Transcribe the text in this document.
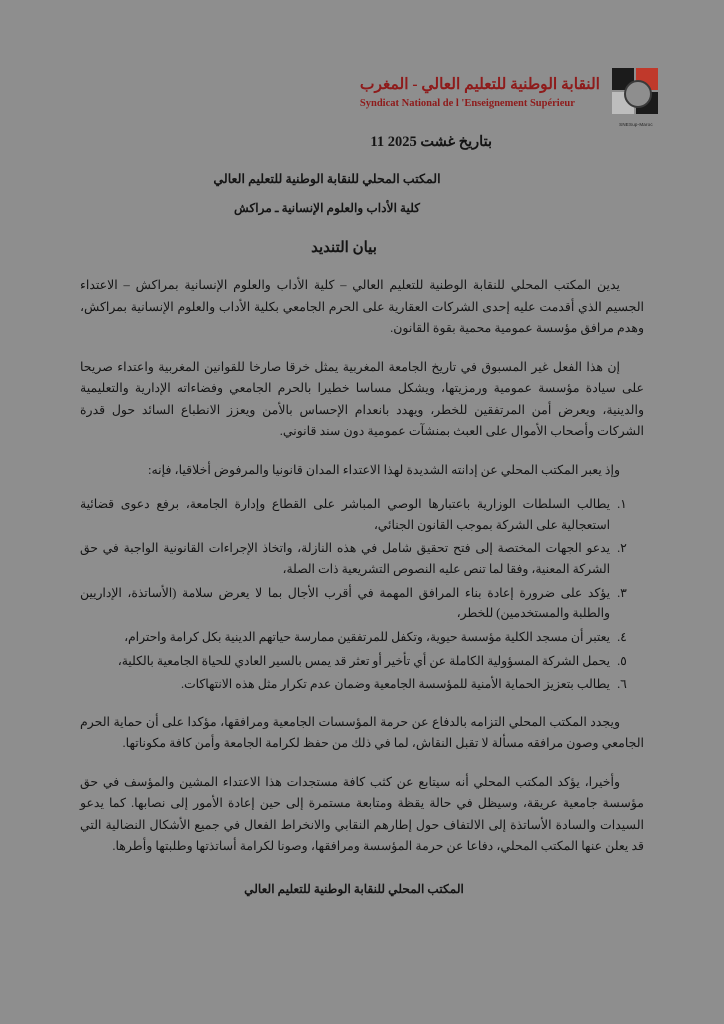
SNESup-Maroc
النقابة الوطنية للتعليم العالي - المغرب
Syndicat National de l 'Enseignement Supérieur
بتاريخ 11 غشت 2025
المكتب المحلي للنقابة الوطنية للتعليم العالي
كلية الأداب والعلوم الإنسانية ـ مراكش
بيان التنديد

يدين المكتب المحلي للنقابة الوطنية للتعليم العالي – كلية الأداب والعلوم الإنسانية بمراكش – الاعتداء الجسيم الذي أقدمت عليه إحدى الشركات العقارية على الحرم الجامعي بكلية الأداب والعلوم الإنسانية بمراكش، وهدم مرافق مؤسسة عمومية محمية بقوة القانون.

إن هذا الفعل غير المسبوق في تاريخ الجامعة المغربية يمثل خرقا صارخا للقوانين المغربية واعتداء صريحا على سيادة مؤسسة عمومية ورمزيتها، ويشكل مساسا خطيرا بالحرم الجامعي وفضاءاته الإدارية والتعليمية والدينية، ويعرض أمن المرتفقين للخطر، ويهدد بانعدام الإحساس بالأمن ويعزز الانطباع السائد حول قدرة الشركات وأصحاب الأموال على العبث بمنشآت عمومية دون سند قانوني.

وإذ يعبر المكتب المحلي عن إدانته الشديدة لهذا الاعتداء المدان قانونيا والمرفوض أخلاقيا، فإنه:

1. يطالب السلطات الوزارية باعتبارها الوصي المباشر على القطاع وإدارة الجامعة، برفع دعوى قضائية استعجالية على الشركة بموجب القانون الجنائي،
2. يدعو الجهات المختصة إلى فتح تحقيق شامل في هذه النازلة، واتخاذ الإجراءات القانونية الواجبة في حق الشركة المعنية، وفقا لما تنص عليه النصوص التشريعية ذات الصلة،
3. يؤكد على ضرورة إعادة بناء المرافق المهمة في أقرب الأجال بما لا يعرض سلامة (الأساتذة، الإداريين والطلبة والمستخدمين) للخطر،
4. يعتبر أن مسجد الكلية مؤسسة حيوية، وتكفل للمرتفقين ممارسة حياتهم الدينية بكل كرامة واحترام،
5. يحمل الشركة المسؤولية الكاملة عن أي تأخير أو تعثر قد يمس بالسير العادي للحياة الجامعية بالكلية،
6. يطالب بتعزيز الحماية الأمنية للمؤسسة الجامعية وضمان عدم تكرار مثل هذه الانتهاكات.

ويجدد المكتب المحلي التزامه بالدفاع عن حرمة المؤسسات الجامعية ومرافقها، مؤكدا على أن حماية الحرم الجامعي وصون مرافقه مسألة لا تقبل النقاش، لما في ذلك من حفظ لكرامة الجامعة وأمن كافة مكوناتها.

وأخيرا، يؤكد المكتب المحلي أنه سيتابع عن كثب كافة مستجدات هذا الاعتداء المشين والمؤسف في حق مؤسسة جامعية عريقة، وسيظل في حالة يقظة ومتابعة مستمرة إلى حين إعادة الأمور إلى نصابها. كما يدعو السيدات والسادة الأساتذة إلى الالتفاف حول إطارهم النقابي والانخراط الفعال في جميع الأشكال النضالية التي قد يعلن عنها المكتب المحلي، دفاعا عن حرمة المؤسسة ومرافقها، وصونا لكرامة أساتذتها وطلبتها وأطرها.

المكتب المحلي للنقابة الوطنية للتعليم العالي
